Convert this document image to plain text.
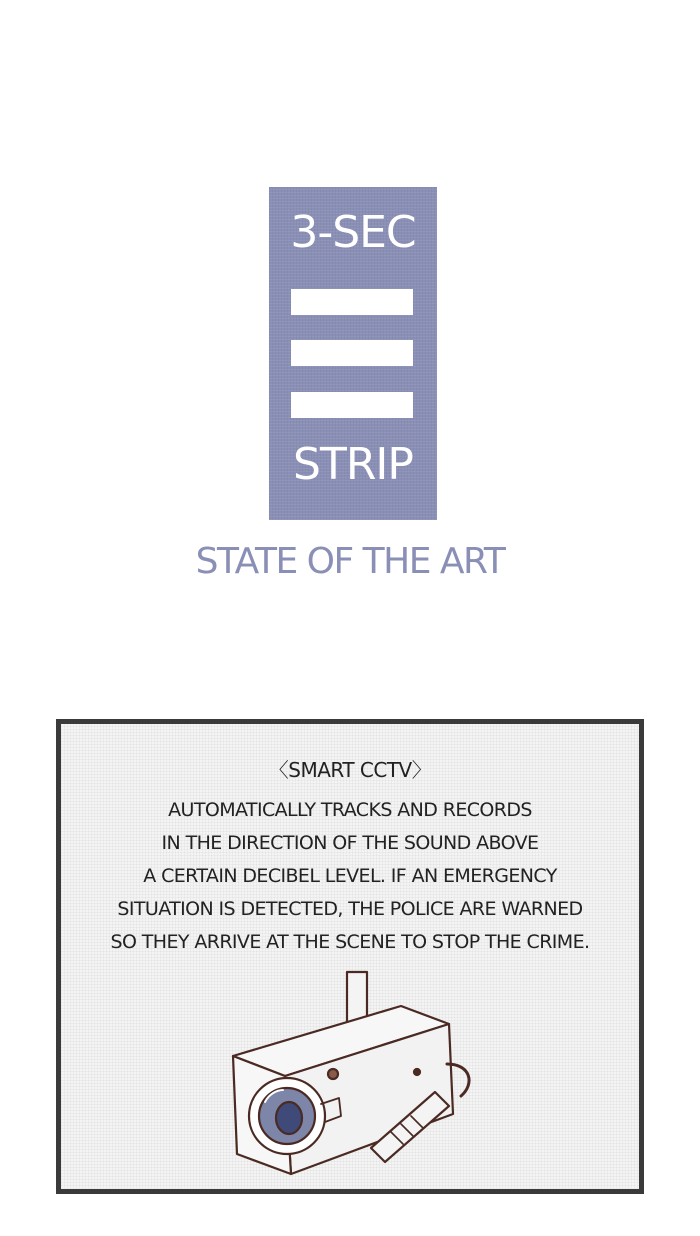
3-SEC
STRIP
STATE OF THE ART
〈SMART CCTV〉
AUTOMATICALLY TRACKS AND RECORDS
IN THE DIRECTION OF THE SOUND ABOVE
A CERTAIN DECIBEL LEVEL. IF AN EMERGENCY
SITUATION IS DETECTED, THE POLICE ARE WARNED
SO THEY ARRIVE AT THE SCENE TO STOP THE CRIME.
